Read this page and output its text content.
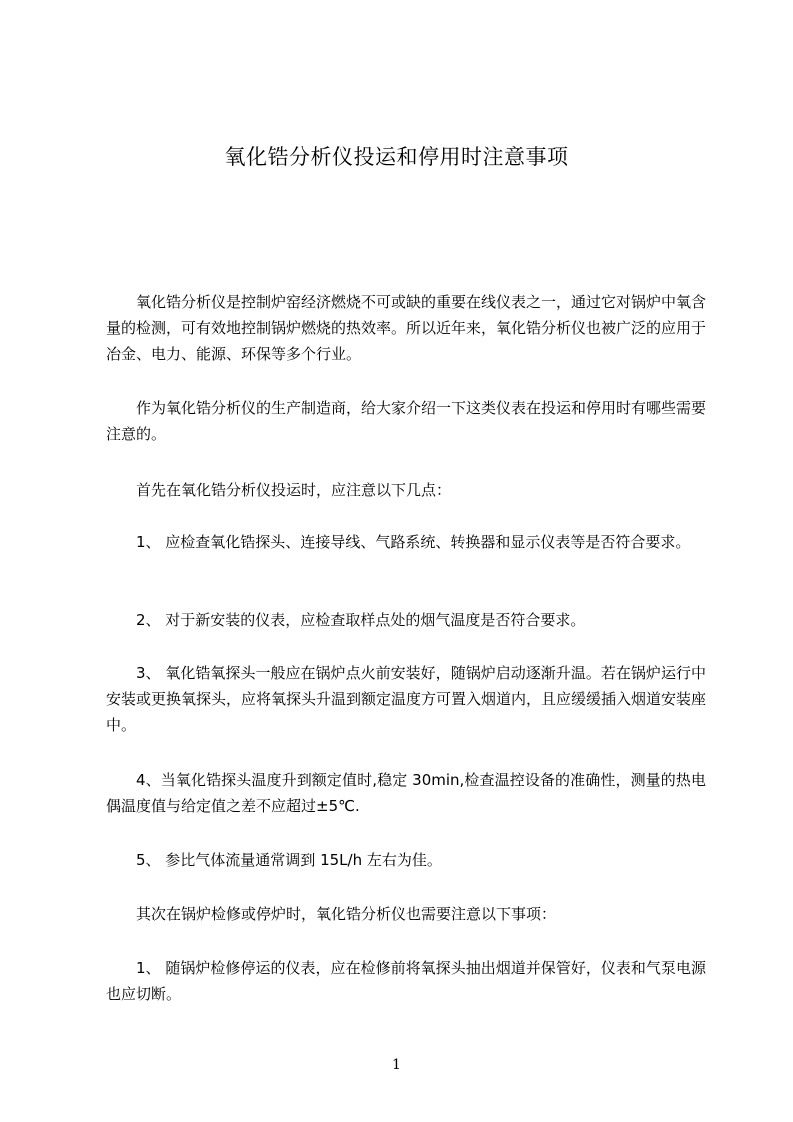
氧化锆分析仪投运和停用时注意事项

氧化锆分析仪是控制炉窑经济燃烧不可或缺的重要在线仪表之一，通过它对锅炉中氧含量的检测，可有效地控制锅炉燃烧的热效率。所以近年来，氧化锆分析仪也被广泛的应用于冶金、电力、能源、环保等多个行业。

作为氧化锆分析仪的生产制造商，给大家介绍一下这类仪表在投运和停用时有哪些需要注意的。

首先在氧化锆分析仪投运时，应注意以下几点：

1、 应检查氧化锆探头、连接导线、气路系统、转换器和显示仪表等是否符合要求。

2、 对于新安装的仪表，应检查取样点处的烟气温度是否符合要求。

3、 氧化锆氧探头一般应在锅炉点火前安装好，随锅炉启动逐渐升温。若在锅炉运行中安装或更换氧探头，应将氧探头升温到额定温度方可置入烟道内，且应缓缓插入烟道安装座中。

4、当氧化锆探头温度升到额定值时,稳定 30min,检查温控设备的准确性，测量的热电偶温度值与给定值之差不应超过±5℃.

5、 参比气体流量通常调到 15L/h 左右为佳。

其次在锅炉检修或停炉时，氧化锆分析仪也需要注意以下事项：

1、 随锅炉检修停运的仪表，应在检修前将氧探头抽出烟道并保管好，仪表和气泵电源也应切断。

1
